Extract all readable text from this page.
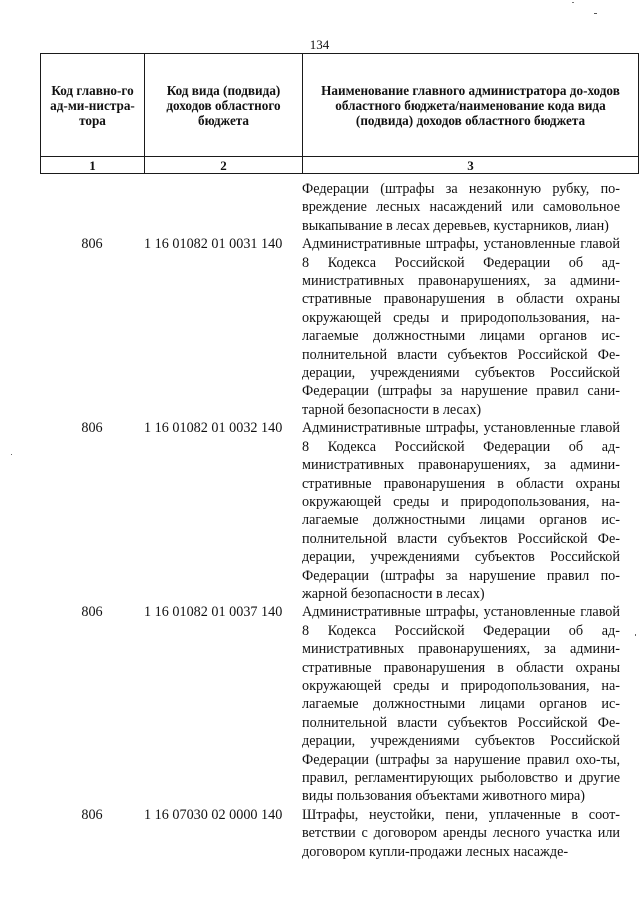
134
Код главно-го ад-ми-нистра-тора	Код вида (подвида) доходов областного бюджета	Наименование главного администратора до-ходов областного бюджета/наименование кода вида (подвида) доходов областного бюджета
1	2	3
Федерации (штрафы за незаконную рубку, по-вреждение лесных насаждений или самовольное выкапывание в лесах деревьев, кустарников, лиан)
806	1 16 01082 01 0031 140	Административные штрафы, установленные главой 8 Кодекса Российской Федерации об ад-министративных правонарушениях, за админи-стративные правонарушения в области охраны окружающей среды и природопользования, на-лагаемые должностными лицами органов ис-полнительной власти субъектов Российской Фе-дерации, учреждениями субъектов Российской Федерации (штрафы за нарушение правил сани-тарной безопасности в лесах)
806	1 16 01082 01 0032 140	Административные штрафы, установленные главой 8 Кодекса Российской Федерации об ад-министративных правонарушениях, за админи-стративные правонарушения в области охраны окружающей среды и природопользования, на-лагаемые должностными лицами органов ис-полнительной власти субъектов Российской Фе-дерации, учреждениями субъектов Российской Федерации (штрафы за нарушение правил по-жарной безопасности в лесах)
806	1 16 01082 01 0037 140	Административные штрафы, установленные главой 8 Кодекса Российской Федерации об ад-министративных правонарушениях, за админи-стративные правонарушения в области охраны окружающей среды и природопользования, на-лагаемые должностными лицами органов ис-полнительной власти субъектов Российской Фе-дерации, учреждениями субъектов Российской Федерации (штрафы за нарушение правил охо-ты, правил, регламентирующих рыболовство и другие виды пользования объектами животного мира)
806	1 16 07030 02 0000 140	Штрафы, неустойки, пени, уплаченные в соот-ветствии с договором аренды лесного участка или договором купли-продажи лесных насажде-
